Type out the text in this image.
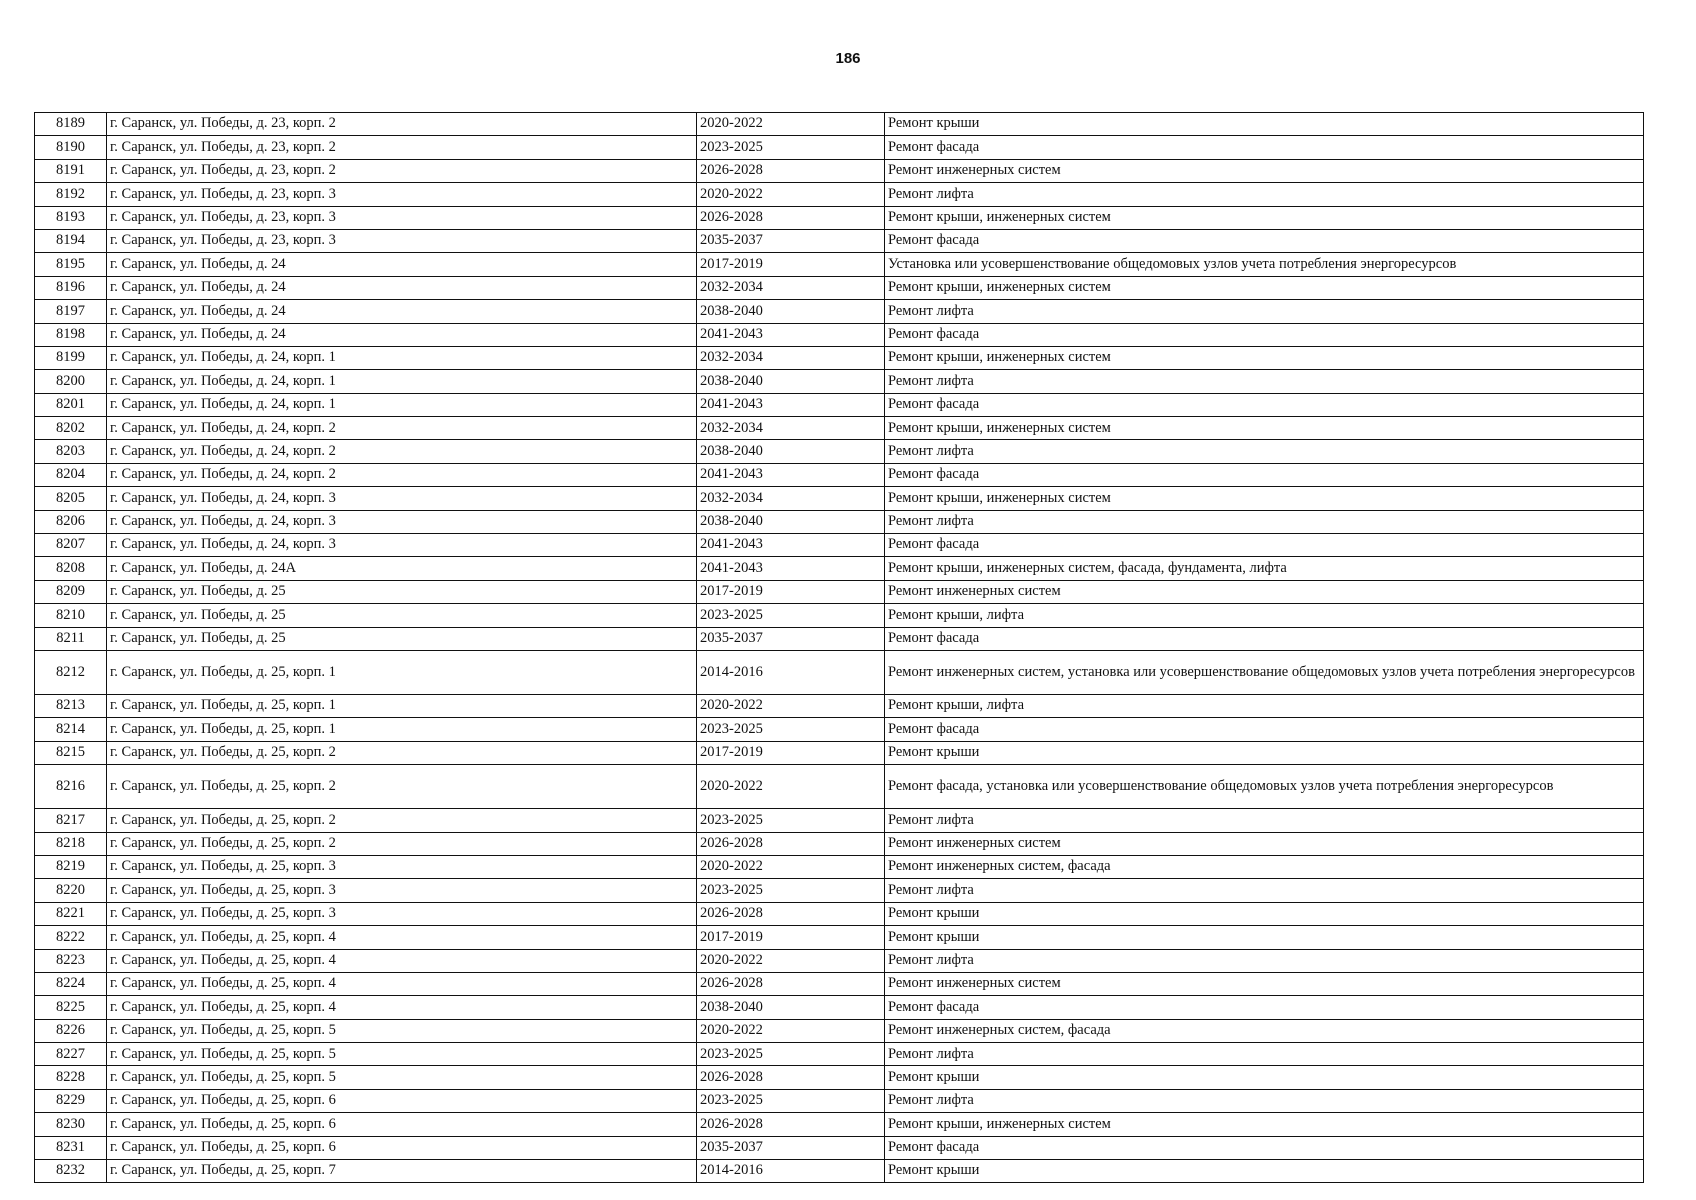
186
8189	г. Саранск, ул. Победы, д. 23, корп. 2	2020-2022	Ремонт крыши
8190	г. Саранск, ул. Победы, д. 23, корп. 2	2023-2025	Ремонт фасада
8191	г. Саранск, ул. Победы, д. 23, корп. 2	2026-2028	Ремонт инженерных систем
8192	г. Саранск, ул. Победы, д. 23, корп. 3	2020-2022	Ремонт лифта
8193	г. Саранск, ул. Победы, д. 23, корп. 3	2026-2028	Ремонт крыши, инженерных систем
8194	г. Саранск, ул. Победы, д. 23, корп. 3	2035-2037	Ремонт фасада
8195	г. Саранск, ул. Победы, д. 24	2017-2019	Установка или усовершенствование общедомовых узлов учета потребления энергоресурсов
8196	г. Саранск, ул. Победы, д. 24	2032-2034	Ремонт крыши, инженерных систем
8197	г. Саранск, ул. Победы, д. 24	2038-2040	Ремонт лифта
8198	г. Саранск, ул. Победы, д. 24	2041-2043	Ремонт фасада
8199	г. Саранск, ул. Победы, д. 24, корп. 1	2032-2034	Ремонт крыши, инженерных систем
8200	г. Саранск, ул. Победы, д. 24, корп. 1	2038-2040	Ремонт лифта
8201	г. Саранск, ул. Победы, д. 24, корп. 1	2041-2043	Ремонт фасада
8202	г. Саранск, ул. Победы, д. 24, корп. 2	2032-2034	Ремонт крыши, инженерных систем
8203	г. Саранск, ул. Победы, д. 24, корп. 2	2038-2040	Ремонт лифта
8204	г. Саранск, ул. Победы, д. 24, корп. 2	2041-2043	Ремонт фасада
8205	г. Саранск, ул. Победы, д. 24, корп. 3	2032-2034	Ремонт крыши, инженерных систем
8206	г. Саранск, ул. Победы, д. 24, корп. 3	2038-2040	Ремонт лифта
8207	г. Саранск, ул. Победы, д. 24, корп. 3	2041-2043	Ремонт фасада
8208	г. Саранск, ул. Победы, д. 24А	2041-2043	Ремонт крыши, инженерных систем, фасада, фундамента, лифта
8209	г. Саранск, ул. Победы, д. 25	2017-2019	Ремонт инженерных систем
8210	г. Саранск, ул. Победы, д. 25	2023-2025	Ремонт крыши, лифта
8211	г. Саранск, ул. Победы, д. 25	2035-2037	Ремонт фасада
8212	г. Саранск, ул. Победы, д. 25, корп. 1	2014-2016	Ремонт инженерных систем, установка или усовершенствование общедомовых узлов учета потребления энергоресурсов
8213	г. Саранск, ул. Победы, д. 25, корп. 1	2020-2022	Ремонт крыши, лифта
8214	г. Саранск, ул. Победы, д. 25, корп. 1	2023-2025	Ремонт фасада
8215	г. Саранск, ул. Победы, д. 25, корп. 2	2017-2019	Ремонт крыши
8216	г. Саранск, ул. Победы, д. 25, корп. 2	2020-2022	Ремонт фасада, установка или усовершенствование общедомовых узлов учета потребления энергоресурсов
8217	г. Саранск, ул. Победы, д. 25, корп. 2	2023-2025	Ремонт лифта
8218	г. Саранск, ул. Победы, д. 25, корп. 2	2026-2028	Ремонт инженерных систем
8219	г. Саранск, ул. Победы, д. 25, корп. 3	2020-2022	Ремонт инженерных систем, фасада
8220	г. Саранск, ул. Победы, д. 25, корп. 3	2023-2025	Ремонт лифта
8221	г. Саранск, ул. Победы, д. 25, корп. 3	2026-2028	Ремонт крыши
8222	г. Саранск, ул. Победы, д. 25, корп. 4	2017-2019	Ремонт крыши
8223	г. Саранск, ул. Победы, д. 25, корп. 4	2020-2022	Ремонт лифта
8224	г. Саранск, ул. Победы, д. 25, корп. 4	2026-2028	Ремонт инженерных систем
8225	г. Саранск, ул. Победы, д. 25, корп. 4	2038-2040	Ремонт фасада
8226	г. Саранск, ул. Победы, д. 25, корп. 5	2020-2022	Ремонт инженерных систем, фасада
8227	г. Саранск, ул. Победы, д. 25, корп. 5	2023-2025	Ремонт лифта
8228	г. Саранск, ул. Победы, д. 25, корп. 5	2026-2028	Ремонт крыши
8229	г. Саранск, ул. Победы, д. 25, корп. 6	2023-2025	Ремонт лифта
8230	г. Саранск, ул. Победы, д. 25, корп. 6	2026-2028	Ремонт крыши, инженерных систем
8231	г. Саранск, ул. Победы, д. 25, корп. 6	2035-2037	Ремонт фасада
8232	г. Саранск, ул. Победы, д. 25, корп. 7	2014-2016	Ремонт крыши
